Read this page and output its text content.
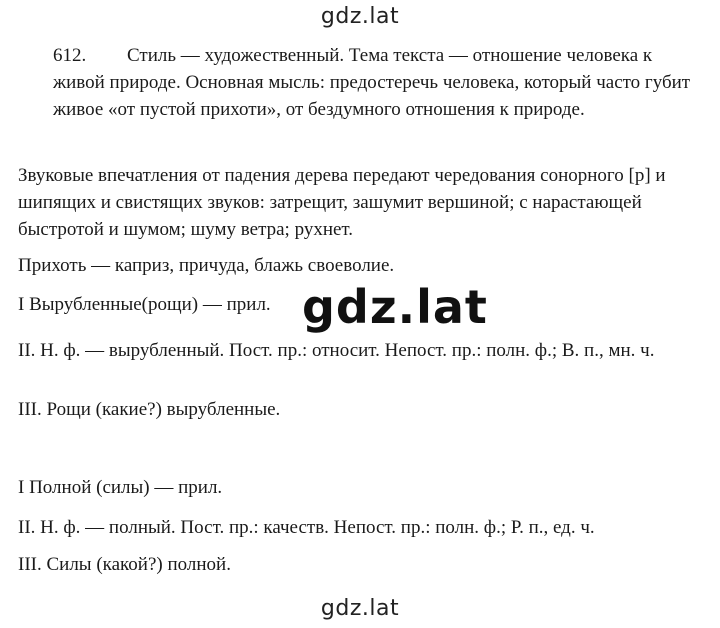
gdz.lat

612. Стиль — художественный. Тема текста — отношение человека к живой природе. Основная мысль: предостеречь человека, который часто губит живое «от пустой прихоти», от бездумного отношения к природе.

Звуковые впечатления от падения дерева передают чередования сонорного [р] и шипящих и свистящих звуков: затрещит, зашумит вершиной; с нарастающей быстротой и шумом; шуму ветра; рухнет.

Прихоть — каприз, причуда, блажь своеволие.

I Вырубленные(рощи) — прил.

II. Н. ф. — вырубленный. Пост. пр.: относит. Непост. пр.: полн. ф.; В. п., мн. ч.

III. Рощи (какие?) вырубленные.

I Полной (силы) — прил.

II. Н. ф. — полный. Пост. пр.: качеств. Непост. пр.: полн. ф.; Р. п., ед. ч.

III. Силы (какой?) полной.

gdz.lat
gdz.lat
